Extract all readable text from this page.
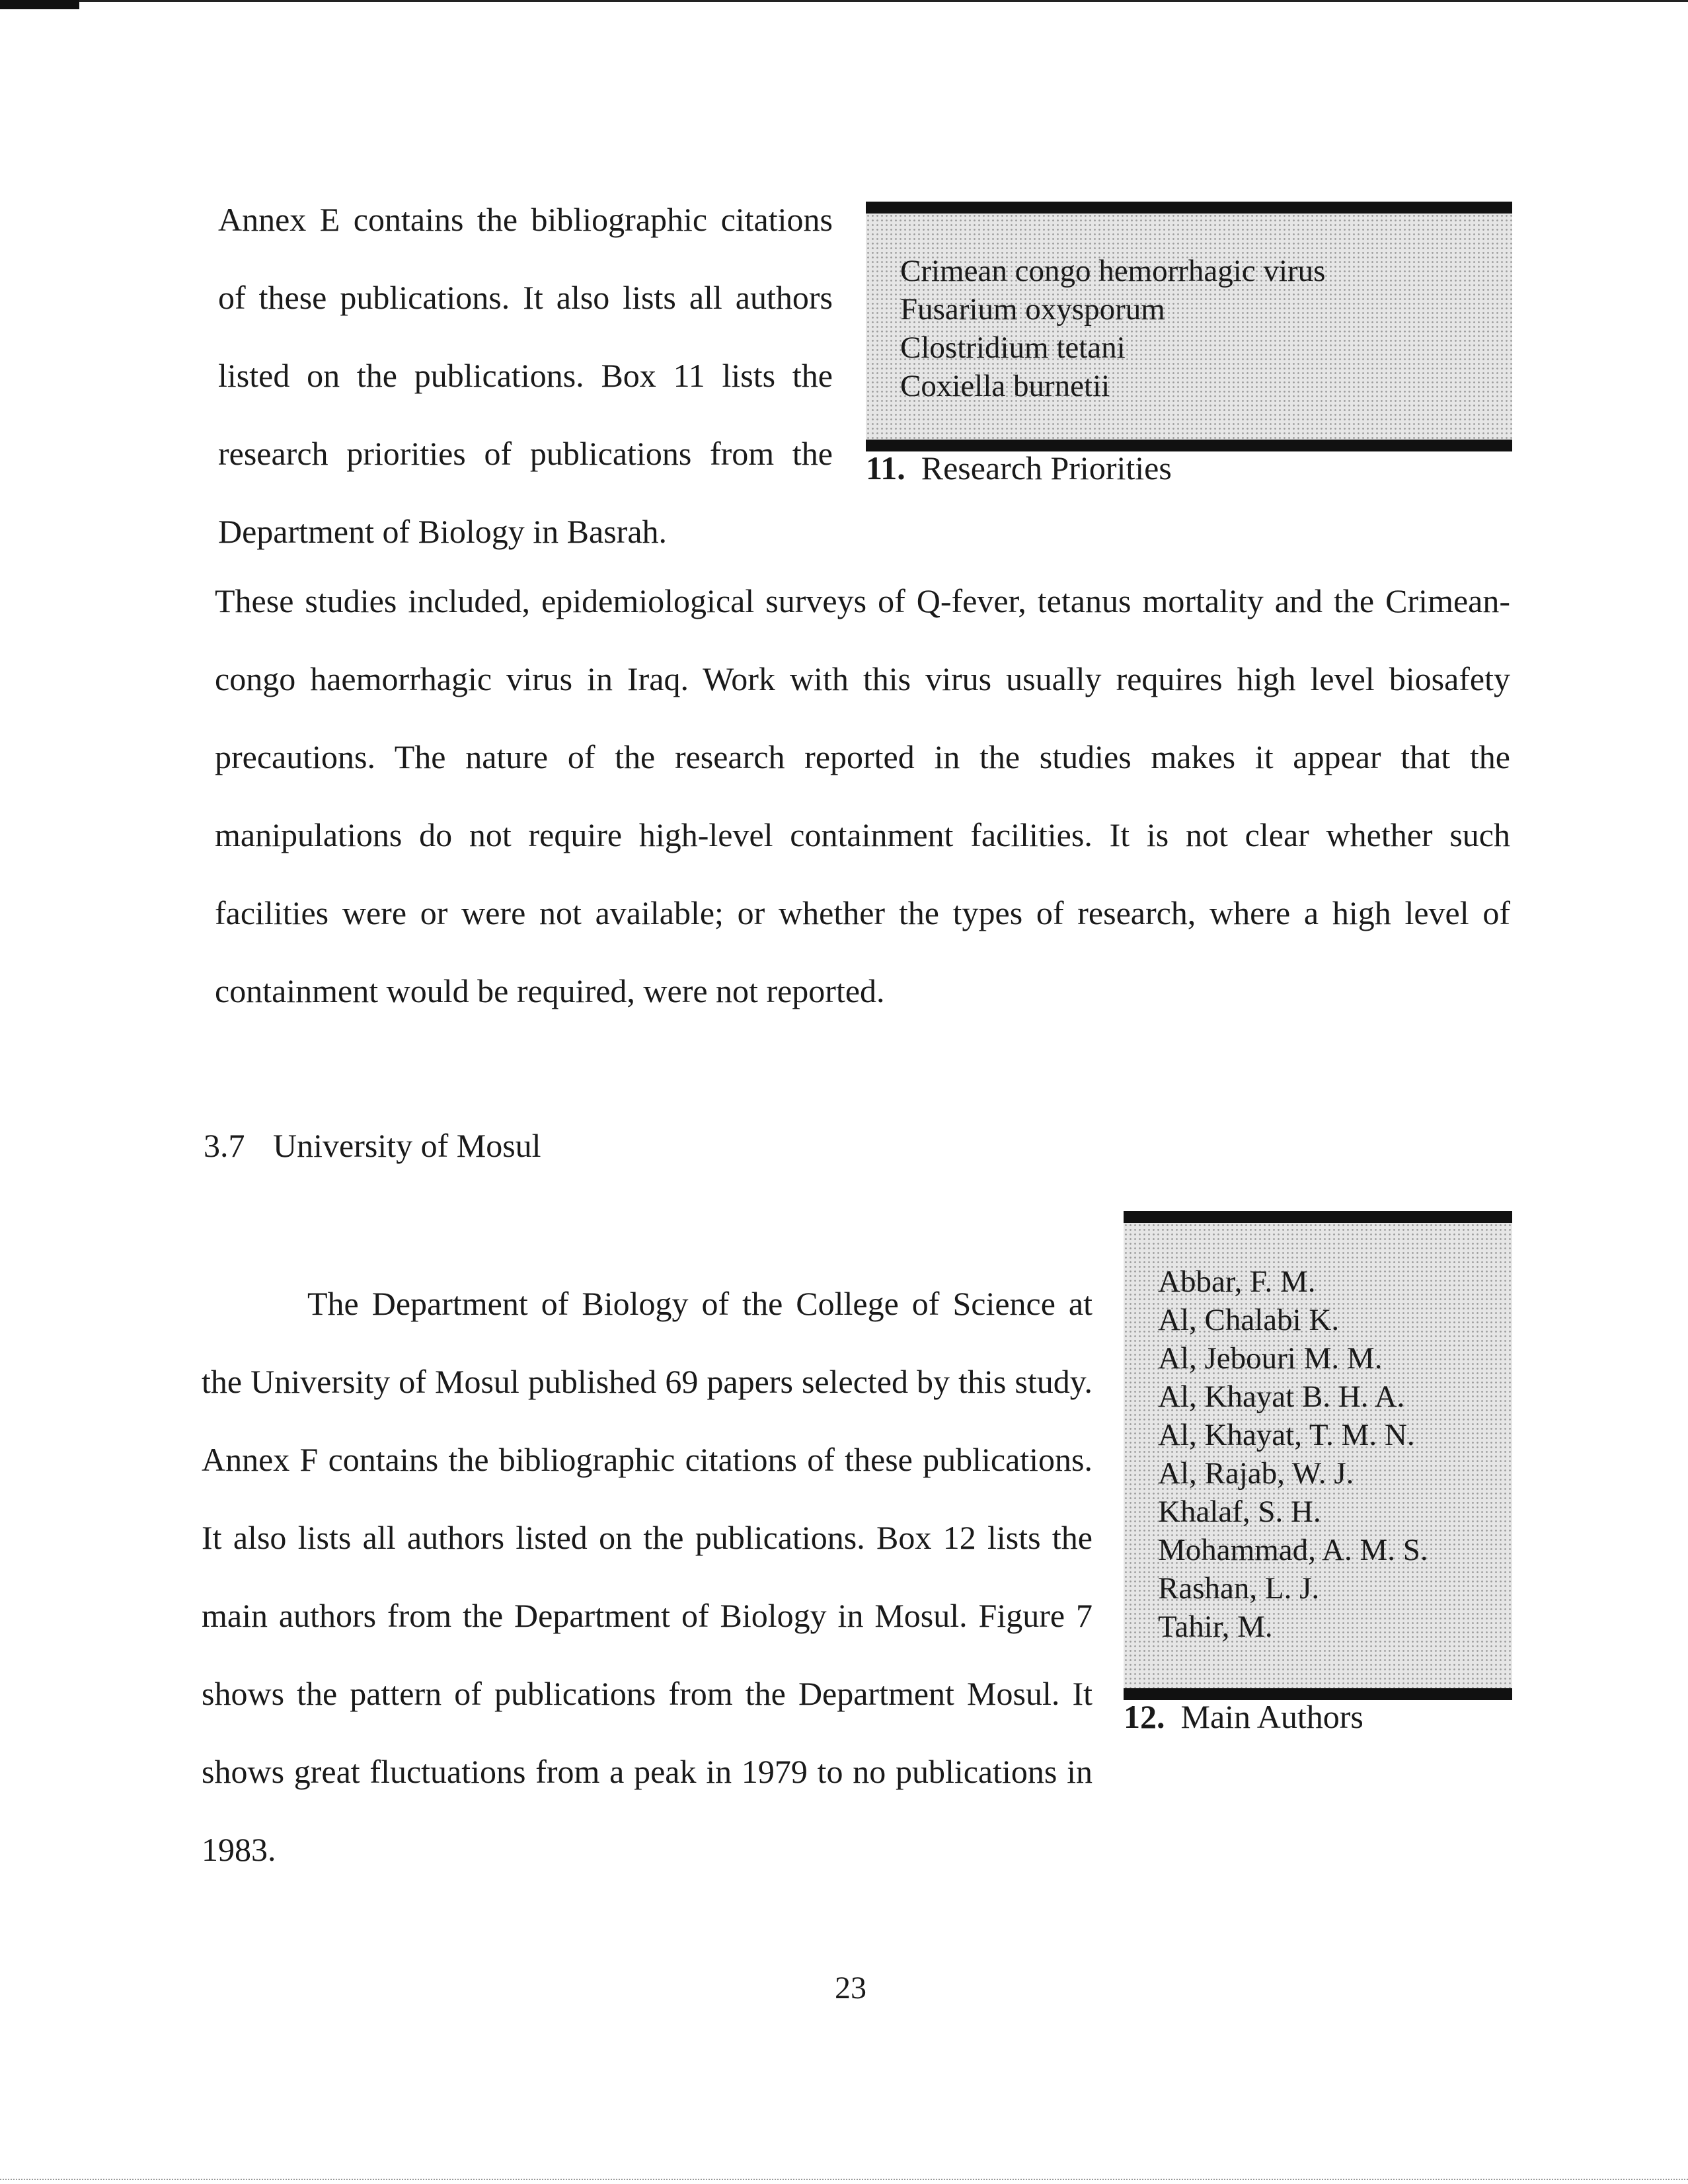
Annex E contains the bibliographic citations of these publications. It also lists all authors listed on the publications. Box 11 lists the research priorities of publications from the Department of Biology in Basrah.

Crimean congo hemorrhagic virus
Fusarium oxysporum
Clostridium tetani
Coxiella burnetii
11. Research Priorities

These studies included, epidemiological surveys of Q-fever, tetanus mortality and the Crimean-congo haemorrhagic virus in Iraq. Work with this virus usually requires high level biosafety precautions. The nature of the research reported in the studies makes it appear that the manipulations do not require high-level containment facilities. It is not clear whether such facilities were or were not available; or whether the types of research, where a high level of containment would be required, were not reported.

3.7 University of Mosul

The Department of Biology of the College of Science at the University of Mosul published 69 papers selected by this study. Annex F contains the bibliographic citations of these publications. It also lists all authors listed on the publications. Box 12 lists the main authors from the Department of Biology in Mosul. Figure 7 shows the pattern of publications from the Department Mosul. It shows great fluctuations from a peak in 1979 to no publications in 1983.

Abbar, F. M.
Al, Chalabi K.
Al, Jebouri M. M.
Al, Khayat B. H. A.
Al, Khayat, T. M. N.
Al, Rajab, W. J.
Khalaf, S. H.
Mohammad, A. M. S.
Rashan, L. J.
Tahir, M.
12. Main Authors
23
